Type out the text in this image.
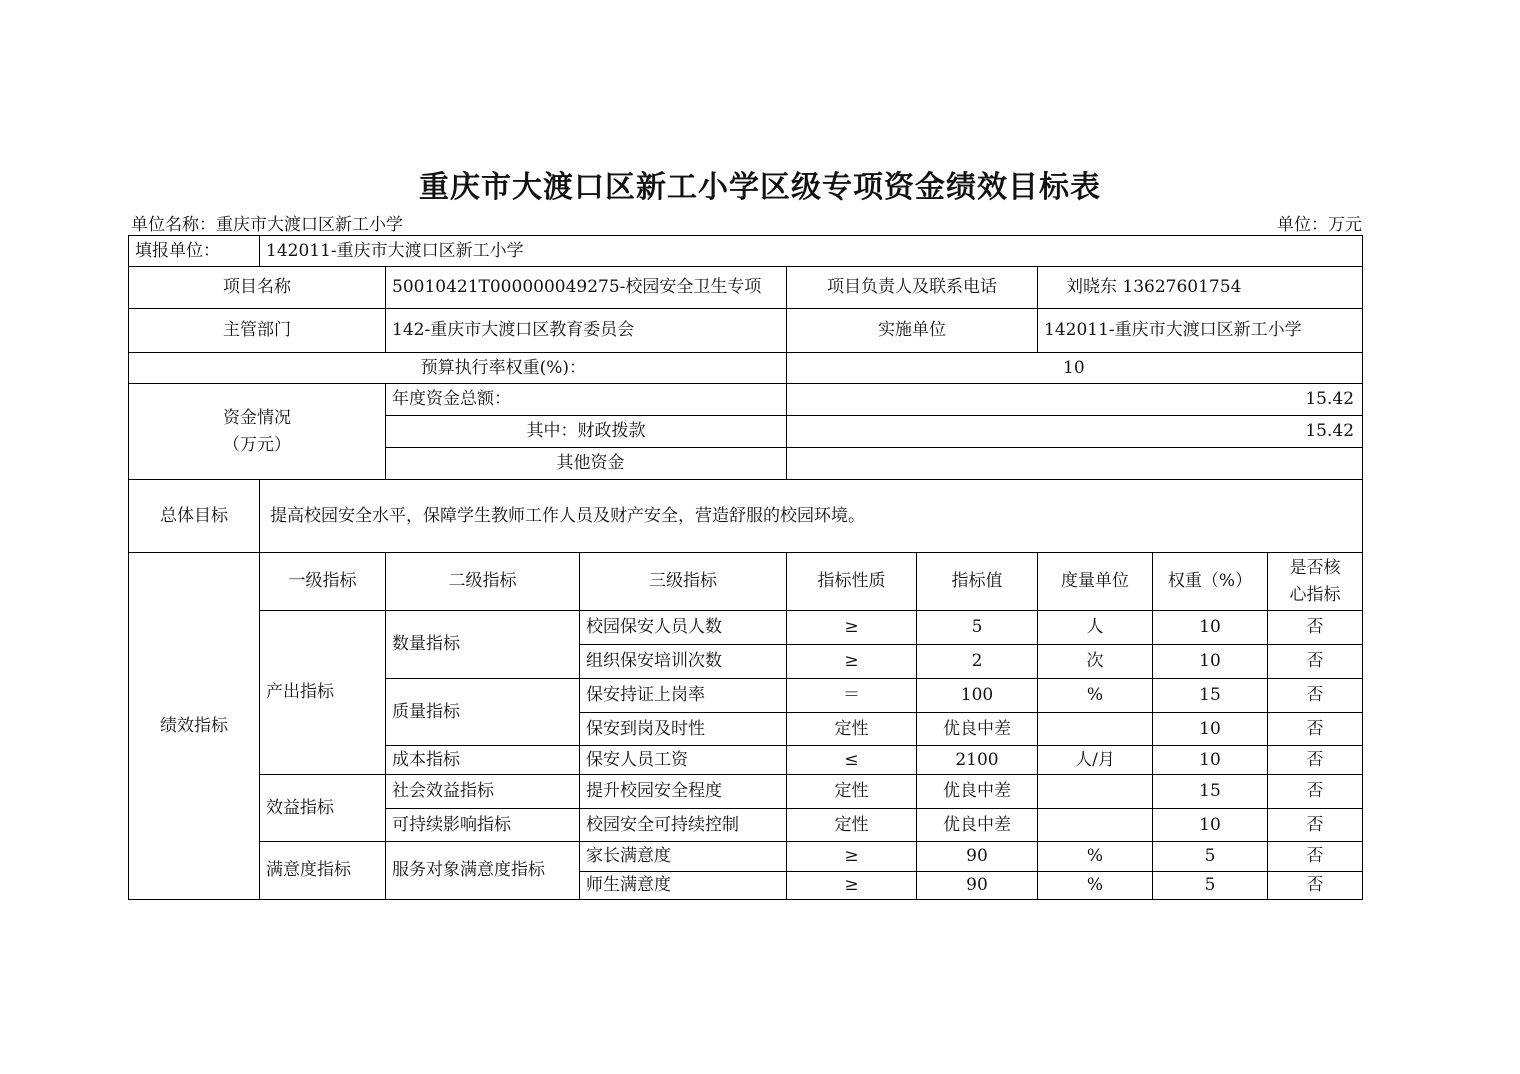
重庆市大渡口区新工小学区级专项资金绩效目标表
单位名称：重庆市大渡口区新工小学	单位：万元
填报单位：	142011-重庆市大渡口区新工小学							
项目名称		50010421T000000049275-校园安全卫生专项		项目负责人及联系电话		刘晓东 13627601754		
主管部门		142-重庆市大渡口区教育委员会		实施单位		142011-重庆市大渡口区新工小学		
预算执行率权重(%)：				10				
资金情况
（万元）		年度资金总额：		15.42				
		其中：财政拨款		15.42				
		其他资金						
总体目标	提高校园安全水平，保障学生教师工作人员及财产安全，营造舒服的校园环境。							
绩效指标	一级指标	二级指标	三级指标	指标性质	指标值	度量单位	权重（%）	是否核
心指标
	产出指标	数量指标	校园保安人员人数	≥	5	人	10	否
			组织保安培训次数	≥	2	次	10	否
		质量指标	保安持证上岗率	＝	100	%	15	否
			保安到岗及时性	定性	优良中差		10	否
		成本指标	保安人员工资	≤	2100	人/月	10	否
	效益指标	社会效益指标	提升校园安全程度	定性	优良中差		15	否
		可持续影响指标	校园安全可持续控制	定性	优良中差		10	否
	满意度指标	服务对象满意度指标	家长满意度	≥	90	%	5	否
			师生满意度	≥	90	%	5	否
